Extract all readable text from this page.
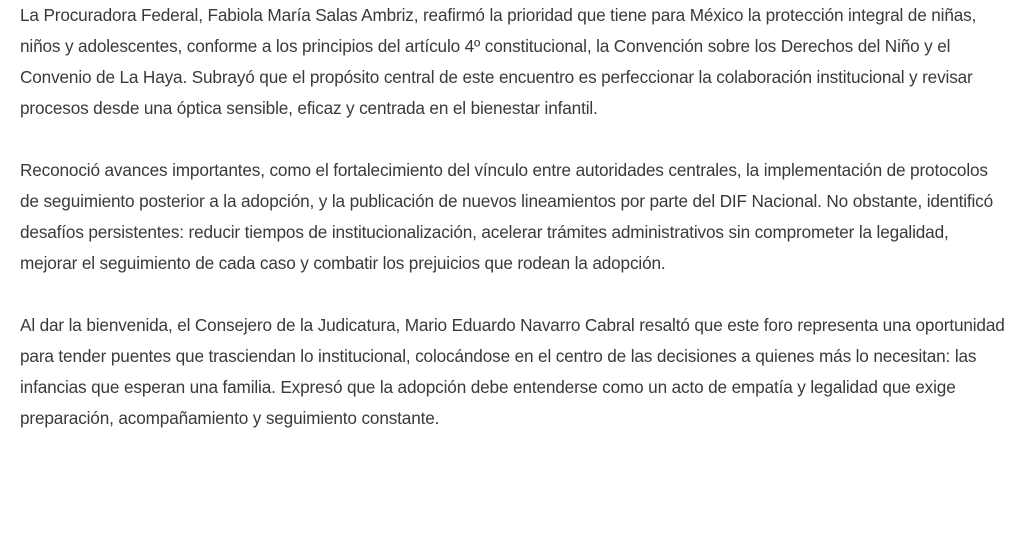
La Procuradora Federal, Fabiola María Salas Ambriz, reafirmó la prioridad que tiene para México la protección integral de niñas, niños y adolescentes, conforme a los principios del artículo 4º constitucional, la Convención sobre los Derechos del Niño y el Convenio de La Haya. Subrayó que el propósito central de este encuentro es perfeccionar la colaboración institucional y revisar procesos desde una óptica sensible, eficaz y centrada en el bienestar infantil.

Reconoció avances importantes, como el fortalecimiento del vínculo entre autoridades centrales, la implementación de protocolos de seguimiento posterior a la adopción, y la publicación de nuevos lineamientos por parte del DIF Nacional. No obstante, identificó desafíos persistentes: reducir tiempos de institucionalización, acelerar trámites administrativos sin comprometer la legalidad, mejorar el seguimiento de cada caso y combatir los prejuicios que rodean la adopción.

Al dar la bienvenida, el Consejero de la Judicatura, Mario Eduardo Navarro Cabral resaltó que este foro representa una oportunidad para tender puentes que trasciendan lo institucional, colocándose en el centro de las decisiones a quienes más lo necesitan: las infancias que esperan una familia. Expresó que la adopción debe entenderse como un acto de empatía y legalidad que exige preparación, acompañamiento y seguimiento constante.
